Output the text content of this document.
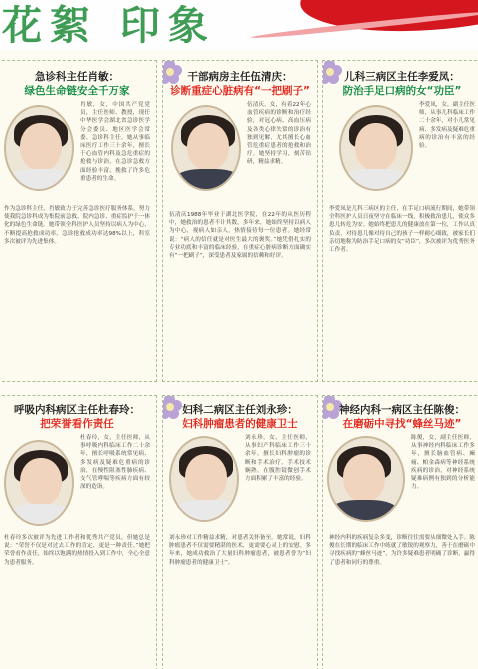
花絮 印象
急诊科主任肖敏：
绿色生命链安全千万家
肖敏，女，中国共产党党员，主任医师、教授，现任中华医学会湖北省急诊医学分会委员、地区医学会常委、急诊科主任。她从事临床医疗工作三十余年，擅长于心血管内科及急危重症的抢救与诊治，在急诊急救方面经验丰富，挽救了许多危重患者的生命。
作为急诊科主任，肖敏致力于完善急诊医疗服务体系，努力使我院急诊科成为集院前急救、院内急诊、重症监护于一体化的绿色生命链。她带领全科医护人员坚持以病人为中心，不断提高抢救成功率，急诊抢救成功率达98%以上，科室多次被评为先进集体。
干部病房主任伍清庆：
诊断重症心脏病有“一把刷子”
伍清庆，女，有着22年心血管疾病的诊断和治疗经验，对冠心病、高血压病及各类心律失常的诊治有独到见解，尤其擅长心血管危重症患者的抢救和治疗。她坚持学习，刻苦钻研，精益求精。
伍清庆1988年毕业于湖北医学院，在22年的从医历程中，她救治的患者不计其数。多年来，她始终坚持以病人为中心，视病人如亲人，热情接待每一位患者。她经常说：“病人的信任就是对医生最大的褒奖。”她凭借扎实的专业功底和丰富的临床经验，在重症心脏病诊断方面确实有“一把刷子”，深受患者及家属的信赖和好评。
儿科三病区主任李爱凤：
防治手足口病的女“功臣”
李爱凤，女，副主任医师，从事儿科临床工作二十余年，对小儿常见病、多发病及疑难危重病的诊治有丰富的经验。
李爱凤是儿科三病区的主任，在手足口病流行期间，她带领全科医护人员日夜坚守在临床一线，积极救治患儿，使众多患儿转危为安。她始终把患儿的健康放在第一位，工作认真负责，对待患儿像对待自己的孩子一样耐心细致，被家长们亲切地称为防治手足口病的女“功臣”，多次被评为优秀医务工作者。
呼吸内科病区主任杜春玲：
把荣誉看作责任
杜春玲，女，主任医师，从事呼吸内科临床工作二十余年，擅长呼吸系统常见病、多发病及疑难危重病的诊治，在慢性阻塞性肺疾病、支气管哮喘等疾病方面有较深的造诣。
杜春玲多次被评为先进工作者和优秀共产党员，但她总是说：“荣誉不仅是对过去工作的肯定，更是一种责任。”她把荣誉看作责任，始终以饱满的热情投入到工作中，全心全意为患者服务。
妇科二病区主任刘永珍：
妇科肿瘤患者的健康卫士
刘永珍，女，主任医师，从事妇产科临床工作三十余年，擅长妇科肿瘤的诊断和手术治疗，手术技术娴熟，在腹腔镜微创手术方面积累了丰富的经验。
刘永珍对工作精益求精，对患者关怀备至。她常说，妇科肿瘤患者不仅需要精湛的医术，更需要心灵上的安慰。多年来，她成功救治了大量妇科肿瘤患者，被患者誉为“妇科肿瘤患者的健康卫士”。
神经内科一病区主任陈俊：
在磨砺中寻找“蜂丝马迹”
陈俊，女，副主任医师，从事神经内科临床工作多年，擅长脑血管病、癫痫、帕金森病等神经系统疾病的诊治，对神经系统疑难病例有独到的分析能力。
神经内科的疾病复杂多变，诊断往往需要从细微处入手。陈俊在长期的临床工作中练就了敏锐的观察力，善于在磨砺中寻找疾病的“蜂丝马迹”，为许多疑难患者明确了诊断，赢得了患者和同行的尊重。
